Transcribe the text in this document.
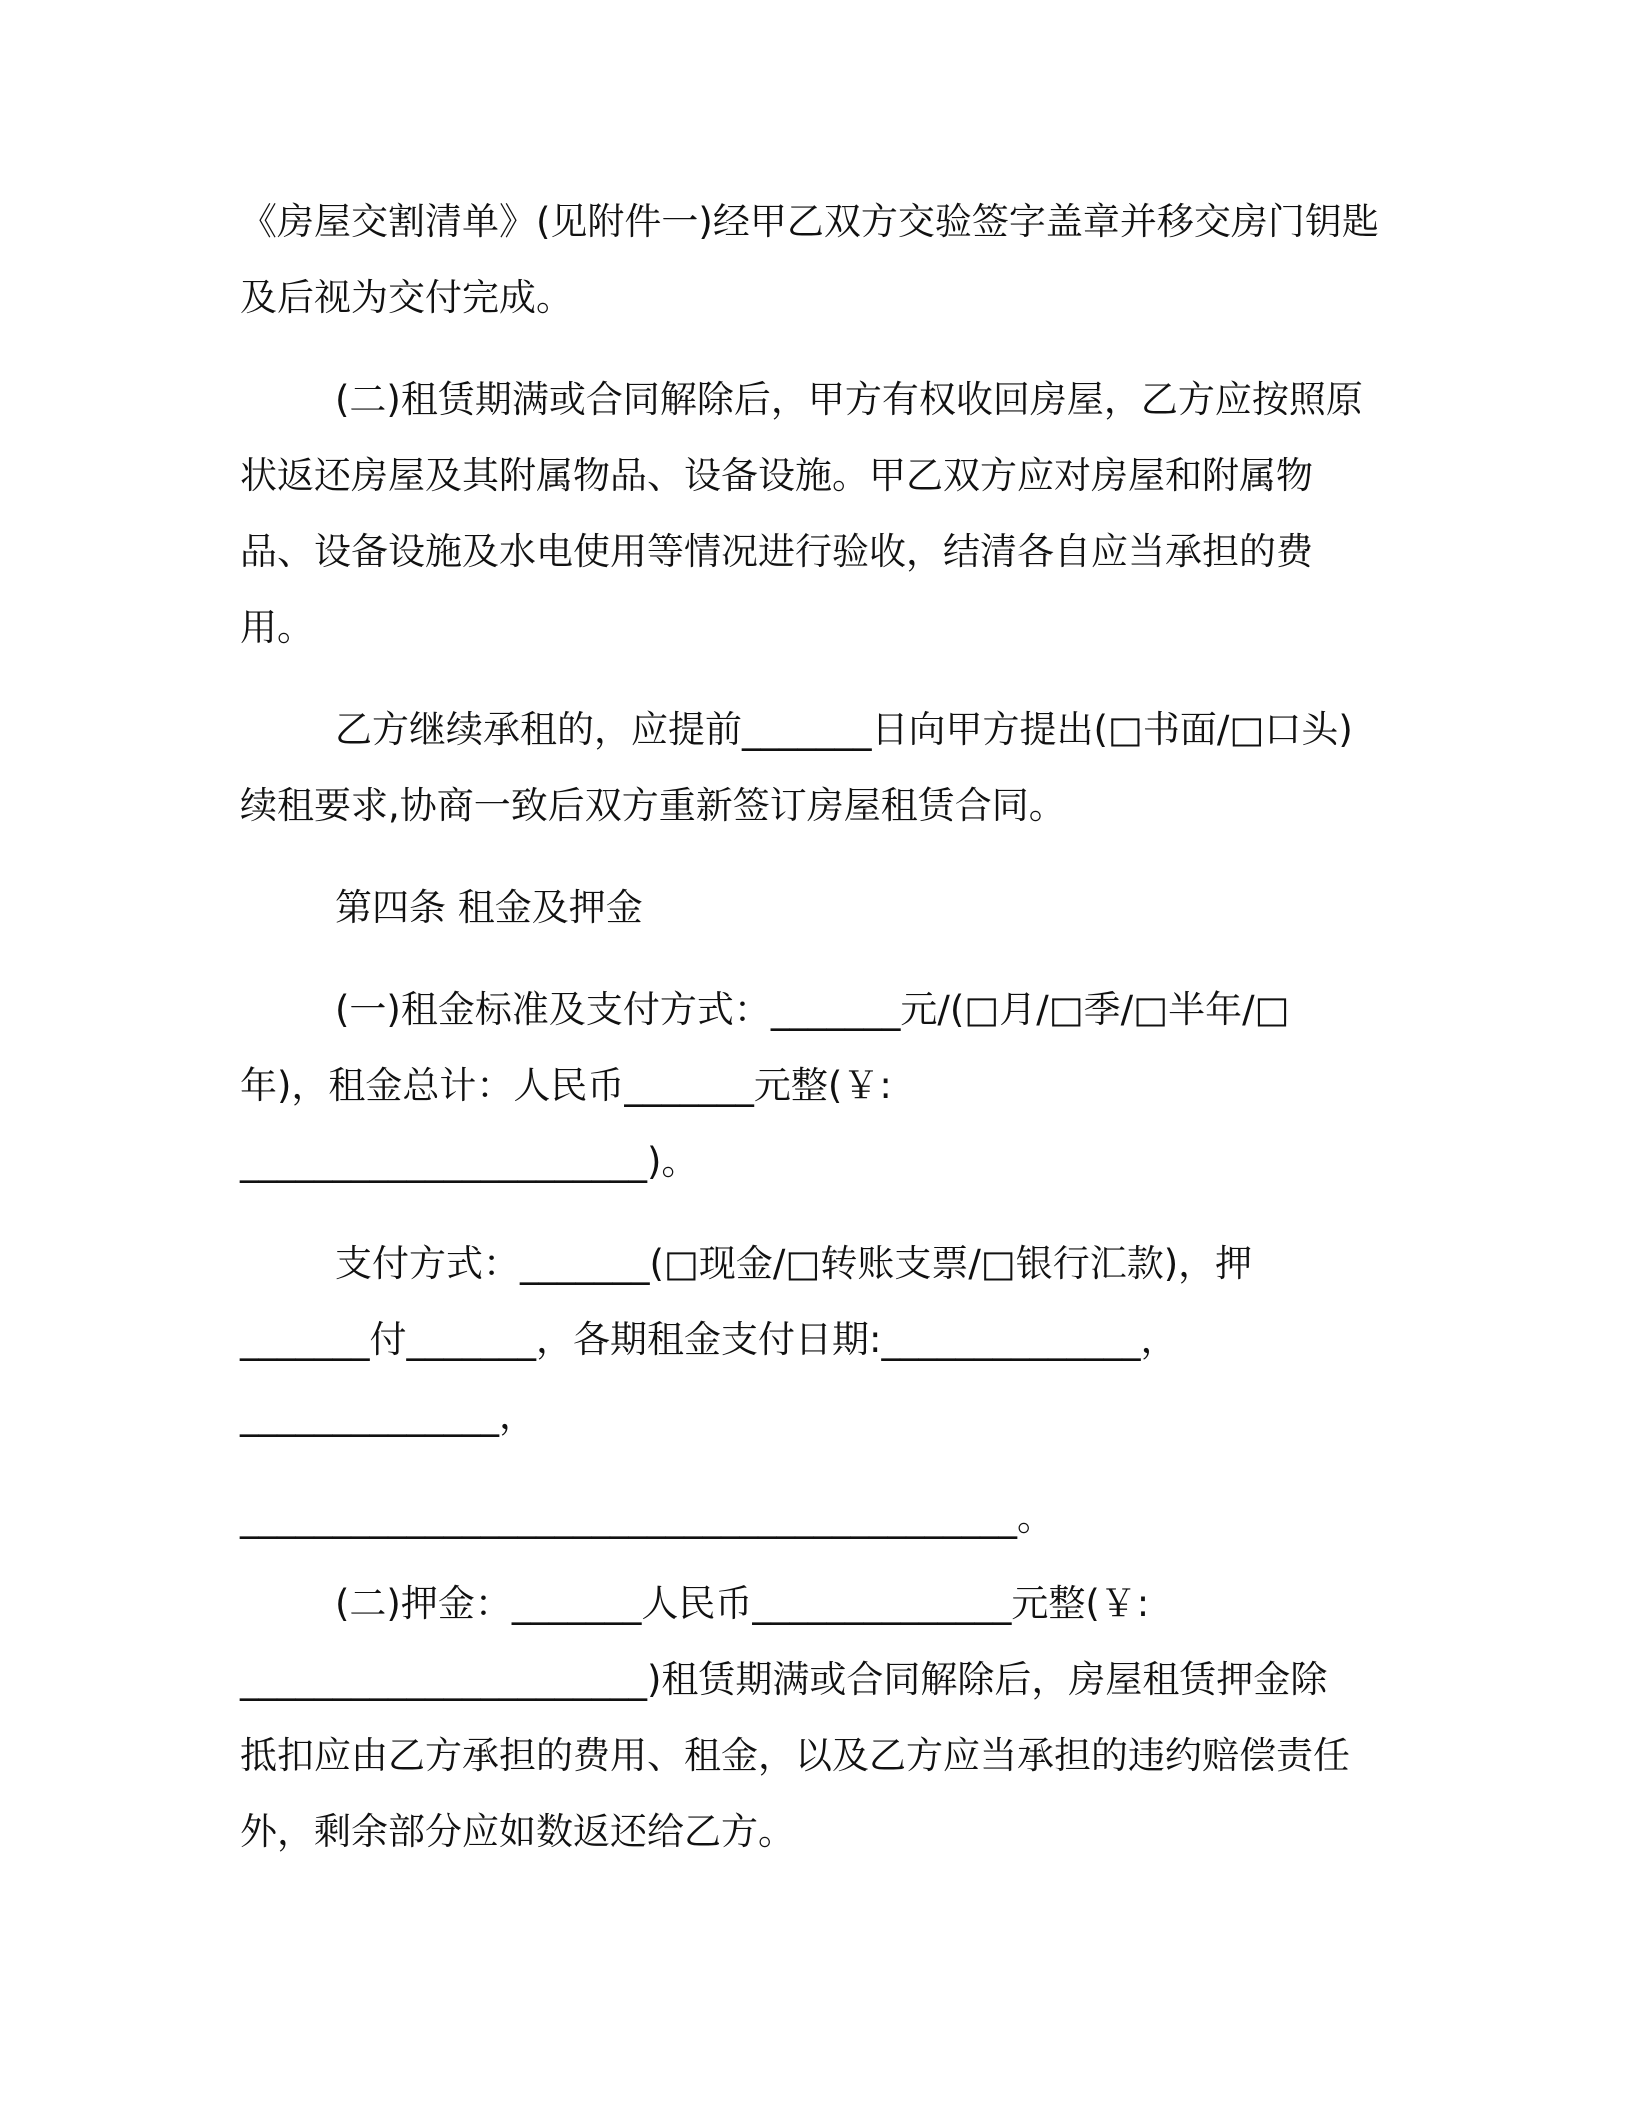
《房屋交割清单》(见附件一)经甲乙双方交验签字盖章并移交房门钥匙
及后视为交付完成。
(二)租赁期满或合同解除后，甲方有权收回房屋，乙方应按照原
状返还房屋及其附属物品、设备设施。甲乙双方应对房屋和附属物
品、设备设施及水电使用等情况进行验收，结清各自应当承担的费
用。
乙方继续承租的，应提前_______日向甲方提出(□书面/□口头)
续租要求,协商一致后双方重新签订房屋租赁合同。
第四条 租金及押金
(一)租金标准及支付方式：_______元/(□月/□季/□半年/□
年)，租金总计：人民币_______元整(￥:
______________________)。
支付方式：_______(□现金/□转账支票/□银行汇款)，押
_______付_______，各期租金支付日期:______________，
______________，
__________________________________________。
(二)押金：_______人民币______________元整(￥:
______________________)租赁期满或合同解除后，房屋租赁押金除
抵扣应由乙方承担的费用、租金，以及乙方应当承担的违约赔偿责任
外，剩余部分应如数返还给乙方。
